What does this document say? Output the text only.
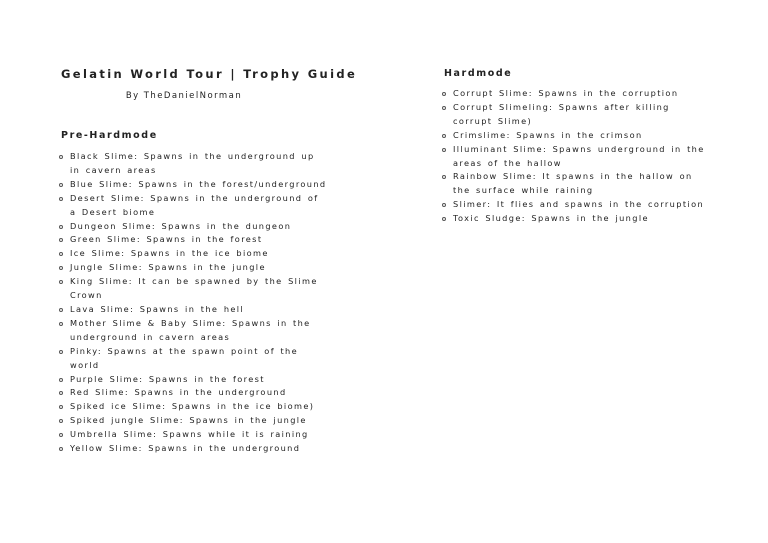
Gelatin World Tour | Trophy Guide
By TheDanielNorman
Pre-Hardmode
Black Slime: Spawns in the underground up in cavern areas
Blue Slime: Spawns in the forest/underground
Desert Slime: Spawns in the underground of a Desert biome
Dungeon Slime: Spawns in the dungeon
Green Slime: Spawns in the forest
Ice Slime: Spawns in the ice biome
Jungle Slime: Spawns in the jungle
King Slime: It can be spawned by the Slime Crown
Lava Slime: Spawns in the hell
Mother Slime & Baby Slime: Spawns in the underground in cavern areas
Pinky: Spawns at the spawn point of the world
Purple Slime: Spawns in the forest
Red Slime: Spawns in the underground
Spiked ice Slime: Spawns in the ice biome)
Spiked jungle Slime: Spawns in the jungle
Umbrella Slime: Spawns while it is raining
Yellow Slime: Spawns in the underground
Hardmode
Corrupt Slime: Spawns in the corruption
Corrupt Slimeling: Spawns after killing corrupt Slime)
Crimslime: Spawns in the crimson
Illuminant Slime: Spawns underground in the areas of the hallow
Rainbow Slime: It spawns in the hallow on the surface while raining
Slimer: It flies and spawns in the corruption
Toxic Sludge: Spawns in the jungle
